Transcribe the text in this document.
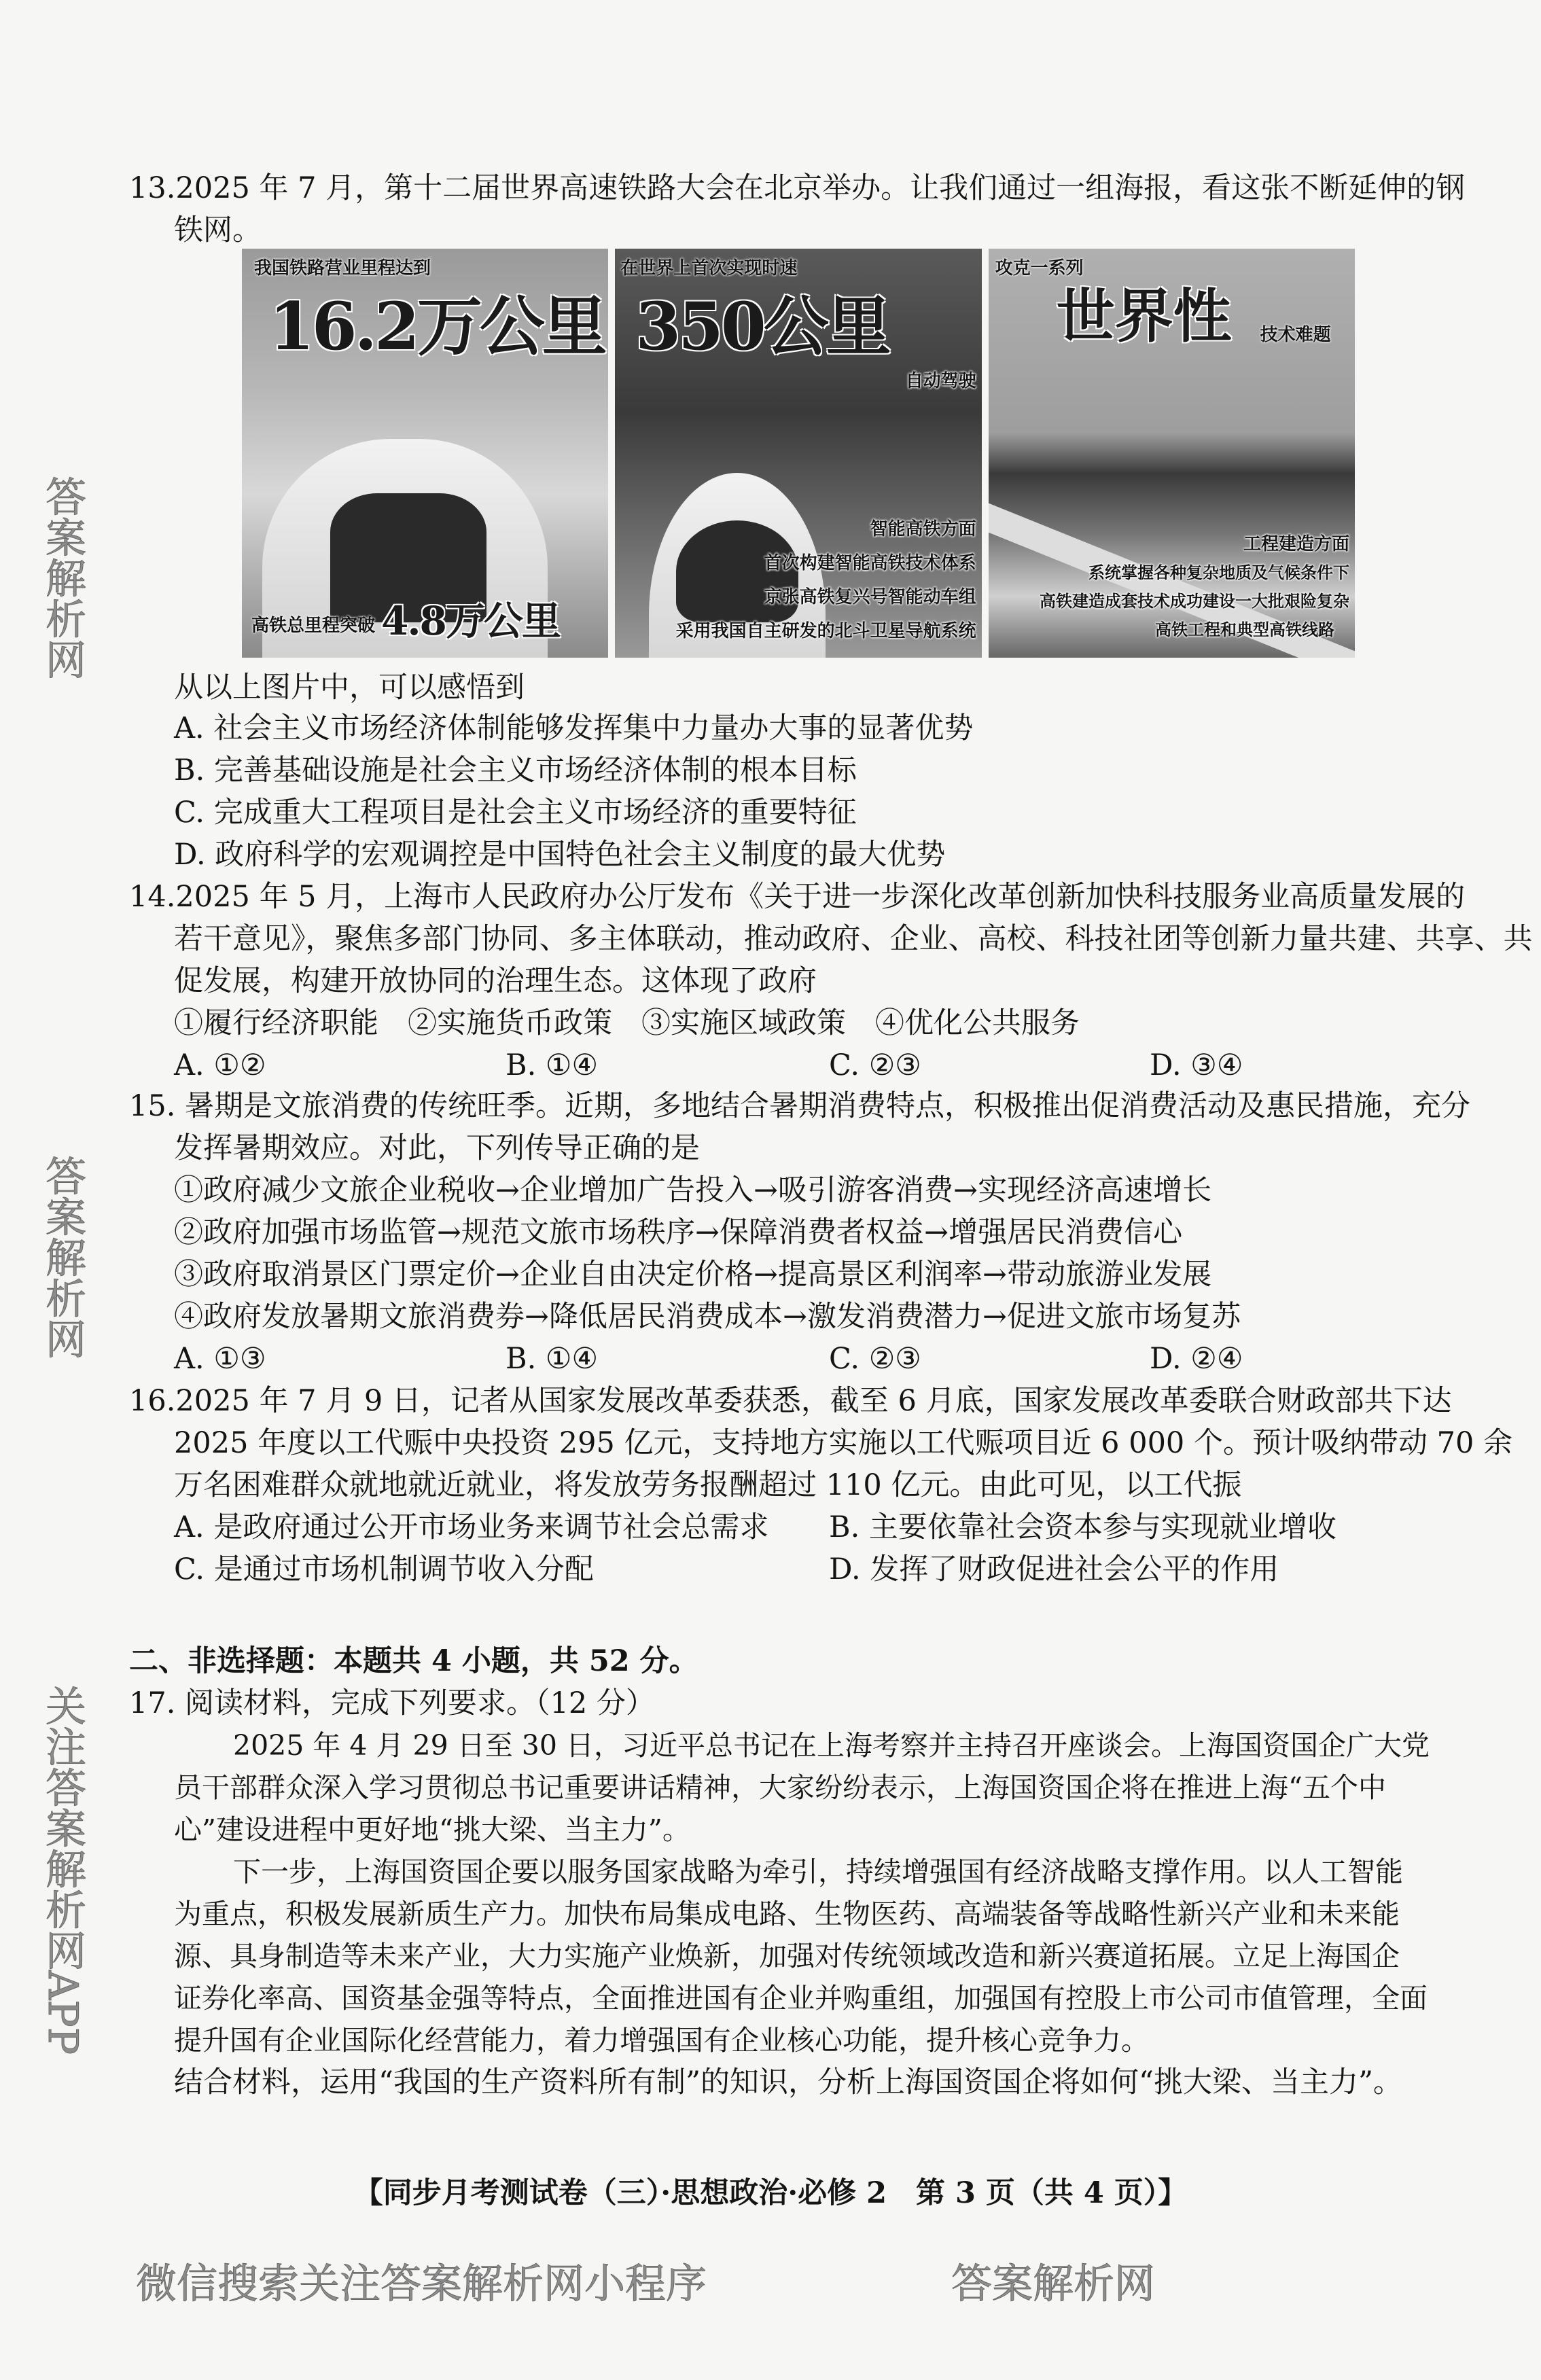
13.2025 年 7 月，第十二届世界高速铁路大会在北京举办。让我们通过一组海报，看这张不断延伸的钢
铁网。
我国铁路营业里程达到
16.2万公里
高铁总里程突破 4.8万公里
在世界上首次实现时速
350公里
自动驾驶
智能高铁方面
首次构建智能高铁技术体系
京张高铁复兴号智能动车组
采用我国自主研发的北斗卫星导航系统
攻克一系列
世界性 技术难题
工程建造方面
系统掌握各种复杂地质及气候条件下
高铁建造成套技术成功建设一大批艰险复杂
高铁工程和典型高铁线路
从以上图片中，可以感悟到
A. 社会主义市场经济体制能够发挥集中力量办大事的显著优势
B. 完善基础设施是社会主义市场经济体制的根本目标
C. 完成重大工程项目是社会主义市场经济的重要特征
D. 政府科学的宏观调控是中国特色社会主义制度的最大优势
14.2025 年 5 月，上海市人民政府办公厅发布《关于进一步深化改革创新加快科技服务业高质量发展的
若干意见》，聚焦多部门协同、多主体联动，推动政府、企业、高校、科技社团等创新力量共建、共享、共
促发展，构建开放协同的治理生态。这体现了政府
①履行经济职能　②实施货币政策　③实施区域政策　④优化公共服务
A. ①②	B. ①④	C. ②③	D. ③④
15. 暑期是文旅消费的传统旺季。近期，多地结合暑期消费特点，积极推出促消费活动及惠民措施，充分
发挥暑期效应。对此，下列传导正确的是
①政府减少文旅企业税收→企业增加广告投入→吸引游客消费→实现经济高速增长
②政府加强市场监管→规范文旅市场秩序→保障消费者权益→增强居民消费信心
③政府取消景区门票定价→企业自由决定价格→提高景区利润率→带动旅游业发展
④政府发放暑期文旅消费券→降低居民消费成本→激发消费潜力→促进文旅市场复苏
A. ①③	B. ①④	C. ②③	D. ②④
16.2025 年 7 月 9 日，记者从国家发展改革委获悉，截至 6 月底，国家发展改革委联合财政部共下达
2025 年度以工代赈中央投资 295 亿元，支持地方实施以工代赈项目近 6 000 个。预计吸纳带动 70 余
万名困难群众就地就近就业，将发放劳务报酬超过 110 亿元。由此可见，以工代振
A. 是政府通过公开市场业务来调节社会总需求 B. 主要依靠社会资本参与实现就业增收
C. 是通过市场机制调节收入分配	D. 发挥了财政促进社会公平的作用
二、非选择题：本题共 4 小题，共 52 分。
17. 阅读材料，完成下列要求。（12 分）
2025 年 4 月 29 日至 30 日，习近平总书记在上海考察并主持召开座谈会。上海国资国企广大党
员干部群众深入学习贯彻总书记重要讲话精神，大家纷纷表示，上海国资国企将在推进上海“五个中
心”建设进程中更好地“挑大梁、当主力”。
下一步，上海国资国企要以服务国家战略为牵引，持续增强国有经济战略支撑作用。以人工智能
为重点，积极发展新质生产力。加快布局集成电路、生物医药、高端装备等战略性新兴产业和未来能
源、具身制造等未来产业，大力实施产业焕新，加强对传统领域改造和新兴赛道拓展。立足上海国企
证券化率高、国资基金强等特点，全面推进国有企业并购重组，加强国有控股上市公司市值管理，全面
提升国有企业国际化经营能力，着力增强国有企业核心功能，提升核心竞争力。
结合材料，运用“我国的生产资料所有制”的知识，分析上海国资国企将如何“挑大梁、当主力”。
【同步月考测试卷（三）·思想政治·必修 2　第 3 页（共 4 页）】
答案解析网
关注答案解析网APP
答案解析网
微信搜索关注答案解析网小程序	答案解析网
